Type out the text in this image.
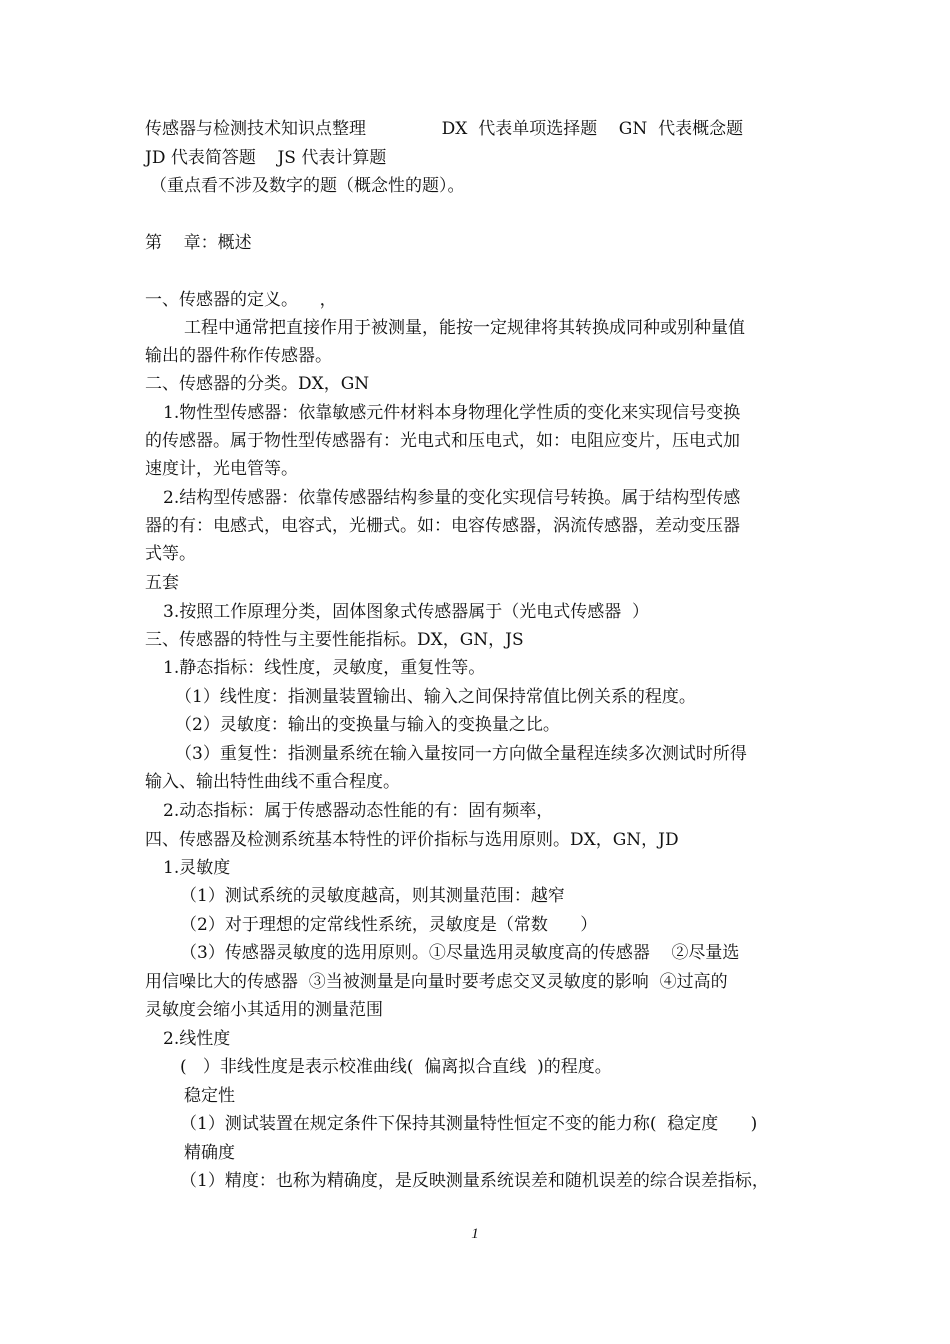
传感器与检测技术知识点整理              DX  代表单项选择题    GN  代表概念题
JD 代表简答题    JS 代表计算题
（重点看不涉及数字的题（概念性的题）。
第    章：概述
一、传感器的定义。    ，
工程中通常把直接作用于被测量，能按一定规律将其转换成同种或别种量值
输出的器件称作传感器。
二、传感器的分类。DX，GN
1.物性型传感器：依靠敏感元件材料本身物理化学性质的变化来实现信号变换
的传感器。属于物性型传感器有：光电式和压电式，如：电阻应变片，压电式加
速度计，光电管等。
2.结构型传感器：依靠传感器结构参量的变化实现信号转换。属于结构型传感
器的有：电感式，电容式，光栅式。如：电容传感器，涡流传感器，差动变压器
式等。
五套
3.按照工作原理分类，固体图象式传感器属于（光电式传感器  ）
三、传感器的特性与主要性能指标。DX，GN，JS
1.静态指标：线性度，灵敏度，重复性等。
（1）线性度：指测量装置输出、输入之间保持常值比例关系的程度。
（2）灵敏度：输出的变换量与输入的变换量之比。
（3）重复性：指测量系统在输入量按同一方向做全量程连续多次测试时所得
输入、输出特性曲线不重合程度。
2.动态指标：属于传感器动态性能的有：固有频率，
四、传感器及检测系统基本特性的评价指标与选用原则。DX，GN，JD
1.灵敏度
（1）测试系统的灵敏度越高，则其测量范围：越窄
（2）对于理想的定常线性系统，灵敏度是（常数      ）
（3）传感器灵敏度的选用原则。①尽量选用灵敏度高的传感器    ②尽量选
用信噪比大的传感器  ③当被测量是向量时要考虑交叉灵敏度的影响  ④过高的
灵敏度会缩小其适用的测量范围
2.线性度
(   ）非线性度是表示校准曲线(  偏离拟合直线  )的程度。
稳定性
（1）测试装置在规定条件下保持其测量特性恒定不变的能力称(  稳定度      )
精确度
（1）精度：也称为精确度，是反映测量系统误差和随机误差的综合误差指标，
1
